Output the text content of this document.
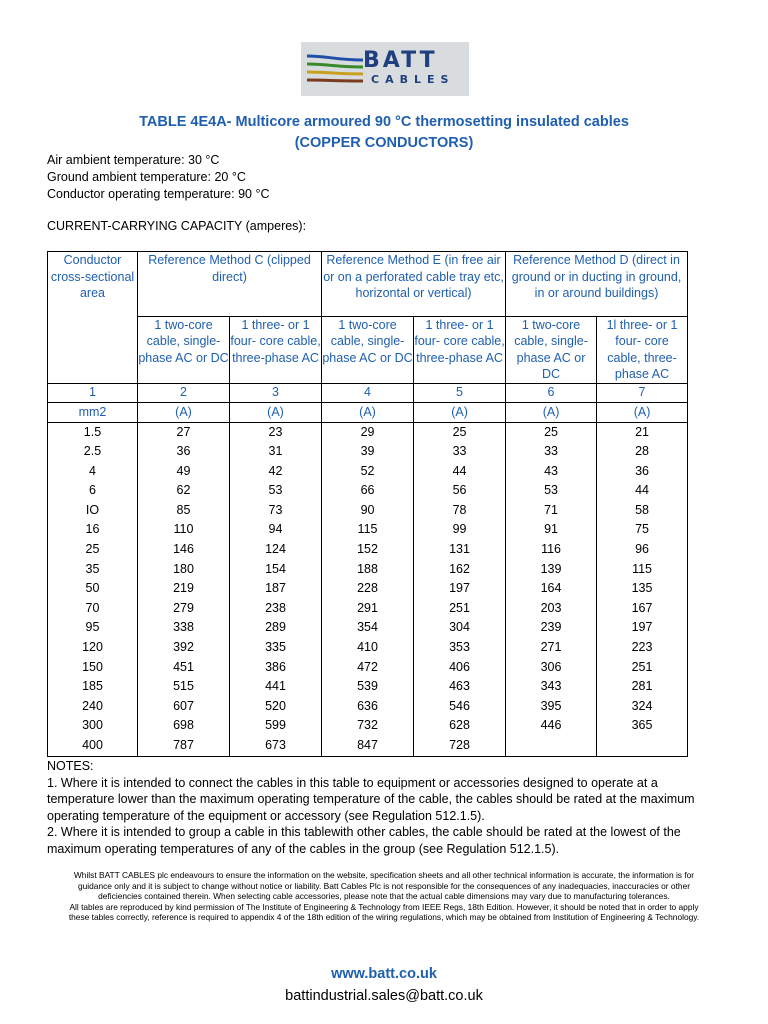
BATT
CABLES
TABLE 4E4A- Multicore armoured 90 °C thermosetting insulated cables
(COPPER CONDUCTORS)
Air ambient temperature: 30 °C
Ground ambient temperature: 20 °C
Conductor operating temperature: 90 °C
CURRENT-CARRYING CAPACITY (amperes):
Conductor cross-sectional area	Reference Method C (clipped direct)		Reference Method E (in free air or on a perforated cable tray etc, horizontal or vertical)		Reference Method D (direct in ground or in ducting in ground, in or around buildings)	
	1 two-core cable, single-phase AC or DC	1 three- or 1 four- core cable, three-phase AC	1 two-core cable, single-phase AC or DC	1 three- or 1 four- core cable, three-phase AC	1 two-core cable, single-phase AC or DC	1l three- or 1 four- core cable, three-phase AC
1	2	3	4	5	6	7
mm2	(A)	(A)	(A)	(A)	(A)	(A)
1.5	27	23	29	25	25	21
2.5	36	31	39	33	33	28
4	49	42	52	44	43	36
6	62	53	66	56	53	44
IO	85	73	90	78	71	58
16	110	94	115	99	91	75
25	146	124	152	131	116	96
35	180	154	188	162	139	115
50	219	187	228	197	164	135
70	279	238	291	251	203	167
95	338	289	354	304	239	197
120	392	335	410	353	271	223
150	451	386	472	406	306	251
185	515	441	539	463	343	281
240	607	520	636	546	395	324
300	698	599	732	628	446	365
400	787	673	847	728		
NOTES:
1. Where it is intended to connect the cables in this table to equipment or accessories designed to operate at a temperature lower than the maximum operating temperature of the cable, the cables should be rated at the maximum operating temperature of the equipment or accessory (see Regulation 512.1.5).
2. Where it is intended to group a cable in this tablewith other cables, the cable should be rated at the lowest of the maximum operating temperatures of any of the cables in the group (see Regulation 512.1.5).
Whilst BATT CABLES plc endeavours to ensure the information on the website, specification sheets and all other technical information is accurate, the information is for guidance only and it is subject to change without notice or liability. Batt Cables Plc is not responsible for the consequences of any inadequacies, inaccuracies or other deficiencies contained therein. When selecting cable accessories, please note that the actual cable dimensions may vary due to manufacturing tolerances.
All tables are reproduced by kind permission of The Institute of Engineering & Technology from IEEE Regs, 18th Edition. However, it should be noted that in order to apply these tables correctly, reference is required to appendix 4 of the 18th edition of the wiring regulations, which may be obtained from Institution of Engineering & Technology.
www.batt.co.uk
battindustrial.sales@batt.co.uk
